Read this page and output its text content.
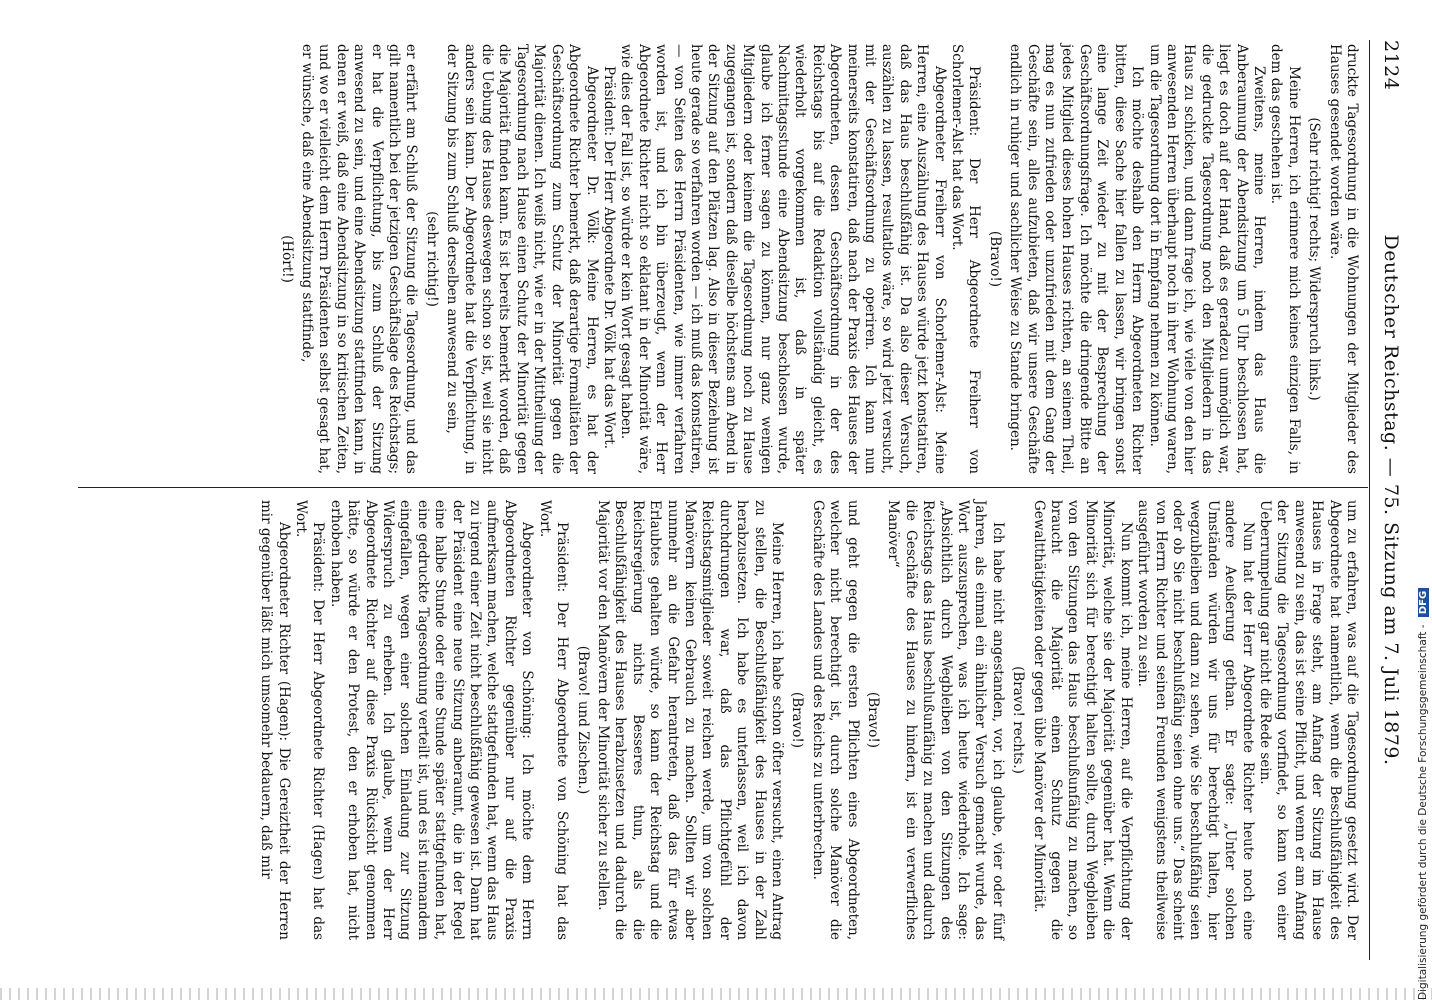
2124
Deutscher Reichstag. — 75. Sitzung am 7. Juli 1879.

druckte Tagesordnung in die Wohnungen der Mitglieder des Hauses gesendet worden wäre.

(Sehr richtig! rechts; Widerspruch links.)

Meine Herren, ich erinnere mich keines einzigen Falls, in dem das geschehen ist.

Zweitens, meine Herren, indem das Haus die Anberaumung der Abendsitzung um 5 Uhr beschlossen hat, liegt es doch auf der Hand, daß es geradezu unmöglich war, die gedruckte Tagesordnung noch den Mitgliedern in das Haus zu schicken, und dann frage ich, wie viele von den hier anwesenden Herren überhaupt noch in ihrer Wohnung waren, um die Tagesordnung dort in Empfang nehmen zu können.

Ich möchte deshalb den Herrn Abgeordneten Richter bitten, diese Sache hier fallen zu lassen, wir bringen sonst eine lange Zeit wieder zu mit der Besprechung der Geschäftsordnungsfrage. Ich möchte die dringende Bitte an jedes Mitglied dieses hohen Hauses richten, an seinem Theil, mag es nun zufrieden oder unzufrieden mit dem Gang der Geschäfte sein, alles aufzubieten, daß wir unsere Geschäfte endlich in ruhiger und sachlicher Weise zu Stande bringen.

(Bravo!)

Präsident: Der Herr Abgeordnete Freiherr von Schorlemer-Alst hat das Wort.

Abgeordneter Freiherr von Schorlemer-Alst: Meine Herren, eine Auszählung des Hauses würde jetzt konstatiren, daß das Haus beschlußfähig ist. Da also dieser Versuch, auszählen zu lassen, resultatlos wäre, so wird jetzt versucht, mit der Geschäftsordnung zu operiren. Ich kann nun meinerseits konstatiren, daß nach der Praxis des Hauses der Abgeordneten, dessen Geschäftsordnung in der des Reichstags bis auf die Redaktion vollständig gleicht, es wiederholt vorgekommen ist, daß in später Nachmittagsstunde eine Abendsitzung beschlossen wurde, glaube ich ferner sagen zu können, nur ganz wenigen Mitgliedern oder keinem die Tagesordnung noch zu Hause zugegangen ist, sondern daß dieselbe höchstens am Abend in der Sitzung auf den Plätzen lag. Also in dieser Beziehung ist heute gerade so verfahren worden — ich muß das konstatiren, — von Seiten des Herrn Präsidenten, wie immer verfahren worden ist, und ich bin überzeugt, wenn der Herr Abgeordnete Richter nicht so eklatant in der Minorität wäre, wie dies der Fall ist, so würde er kein Wort gesagt haben.

Präsident: Der Herr Abgeordnete Dr. Völk hat das Wort.

Abgeordneter Dr. Völk: Meine Herren, es hat der Abgeordnete Richter bemerkt, daß derartige Formalitäten der Geschäftsordnung zum Schutz der Minorität gegen die Majorität dienen. Ich weiß nicht, wie er in der Mittheilung der Tagesordnung nach Hause einen Schutz der Minorität gegen die Majorität finden kann. Es ist bereits bemerkt worden, daß die Uebung des Hauses deswegen schon so ist, weil sie nicht anders sein kann. Der Abgeordnete hat die Verpflichtung, in der Sitzung bis zum Schluß derselben anwesend zu sein,

(sehr richtig!)

er erfährt am Schluß der Sitzung die Tagesordnung, und das gilt namentlich bei der jetzigen Geschäftslage des Reichstags; er hat die Verpflichtung, bis zum Schluß der Sitzung anwesend zu sein, und eine Abendsitzung stattfinden kann, in denen er weiß, daß eine Abendsitzung in so kritischen Zeiten, und wo er vielleicht dem Herrn Präsidenten selbst gesagt hat, er wünsche, daß eine Abendsitzung stattfinde,

(Hört!)

um zu erfahren, was auf die Tagesordnung gesetzt wird. Der Abgeordnete hat namentlich, wenn die Beschlußfähigkeit des Hauses in Frage steht, am Anfang der Sitzung im Hause anwesend zu sein, das ist seine Pflicht, und wenn er am Anfang der Sitzung die Tagesordnung vorfindet, so kann von einer Ueberrumpelung gar nicht die Rede sein.

Nun hat der Herr Abgeordnete Richter heute noch eine andere Aeußerung gethan. Er sagte: „Unter solchen Umständen würden wir uns für berechtigt halten, hier wegzubleiben und dann zu sehen, wie Sie beschlußfähig seien oder ob Sie nicht beschlußfähig seien ohne uns.“ Das scheint von Herrn Richter und seinen Freunden wenigstens theilweise ausgeführt worden zu sein.

Nun kommt ich, meine Herren, auf die Verpflichtung der Minorität, welche sie der Majorität gegenüber hat. Wenn die Minorität sich für berechtigt halten sollte, durch Wegbleiben von den Sitzungen das Haus beschlußunfähig zu machen, so braucht die Majorität einen Schutz gegen die Gewaltthätigkeiten oder gegen üble Manöver der Minorität.

(Bravo! rechts.)

Ich habe nicht angestanden, vor, ich glaube, vier oder fünf Jahren, als einmal ein ähnlicher Versuch gemacht wurde, das Wort auszusprechen, was ich heute wiederhole. Ich sage: „Absichtlich durch Wegbleiben von den Sitzungen des Reichstags das Haus beschlußunfähig zu machen und dadurch die Geschäfte des Hauses zu hindern, ist ein verwerfliches Manöver“

(Bravo!)

und geht gegen die ersten Pflichten eines Abgeordneten, welcher nicht berechtigt ist, durch solche Manöver die Geschäfte des Landes und des Reichs zu unterbrechen.

(Bravo!)

Meine Herren, ich habe schon öfter versucht, einen Antrag zu stellen, die Beschlußfähigkeit des Hauses in der Zahl herabzusetzen. Ich habe es unterlassen, weil ich davon durchdrungen war, daß das Pflichtgefühl der Reichstagsmitglieder soweit reichen werde, um von solchen Manövern keinen Gebrauch zu machen. Sollten wir aber nunmehr an die Gefahr herantreten, daß das für etwas Erlaubtes gehalten würde, so kann der Reichstag und die Reichsregierung nichts Besseres thun, als die Beschlußfähigkeit des Hauses herabzusetzen und dadurch die Majorität vor den Manövern der Minorität sicher zu stellen.

(Bravo! und Zischen.)

Präsident: Der Herr Abgeordnete von Schöning hat das Wort.

Abgeordneter von Schöning: Ich möchte dem Herrn Abgeordneten Richter gegenüber nur auf die Praxis aufmerksam machen, welche stattgefunden hat, wenn das Haus zu irgend einer Zeit nicht beschlußfähig gewesen ist. Dann hat der Präsident eine neue Sitzung anberaumt, die in der Regel eine halbe Stunde oder eine Stunde später stattgefunden hat, eine gedruckte Tagesordnung verteilt ist, und es ist niemandem eingefallen, wegen einer solchen Einladung zur Sitzung Widerspruch zu erheben. Ich glaube, wenn der Herr Abgeordnete Richter auf diese Praxis Rücksicht genommen hätte, so würde er den Protest, den er erhoben hat, nicht erhoben haben.

Präsident: Der Herr Abgeordnete Richter (Hagen) hat das Wort.

Abgeordneter Richter (Hagen): Die Gereiztheit der Herren mir gegenüber läßt mich umsomehr bedauern, daß mir	Digitalisierung gefördert durch die Deutsche Forschungsgemeinschaft - DFG
